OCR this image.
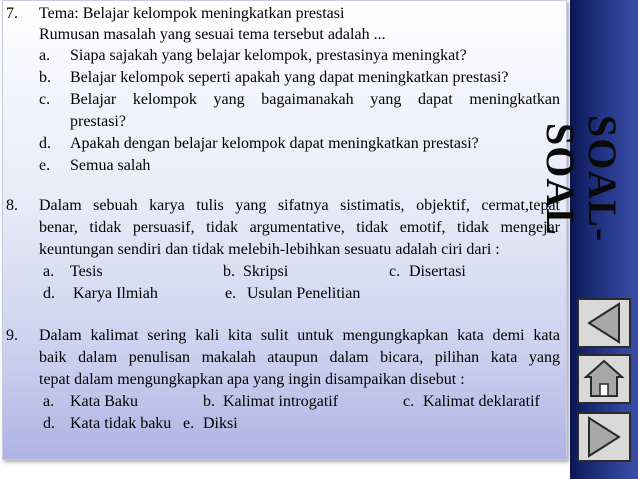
7. Tema: Belajar kelompok meningkatkan prestasi
Rumusan masalah yang sesuai tema tersebut adalah ...
a. Siapa sajakah yang belajar kelompok, prestasinya meningkat?
b. Belajar kelompok seperti apakah yang dapat meningkatkan prestasi?
c. Belajar kelompok yang bagaimanakah yang dapat meningkatkan
prestasi?
d. Apakah dengan belajar kelompok dapat meningkatkan prestasi?
e. Semua salah
8. Dalam sebuah karya tulis yang sifatnya sistimatis, objektif, cermat,tepat
benar, tidak persuasif, tidak argumentative, tidak emotif, tidak mengejar
keuntungan sendiri dan tidak melebih-lebihkan sesuatu adalah ciri dari :
a. Tesis	b. Skripsi	c. Disertasi
d. Karya Ilmiah	e. Usulan Penelitian
9. Dalam kalimat sering kali kita sulit untuk mengungkapkan kata demi kata
baik dalam penulisan makalah ataupun dalam bicara, pilihan kata yang
tepat dalam mengungkapkan apa yang ingin disampaikan disebut :
a. Kata Baku	b. Kalimat introgatif	c. Kalimat deklaratif
d. Kata tidak baku e. Diksi
SOAL-SOAL
